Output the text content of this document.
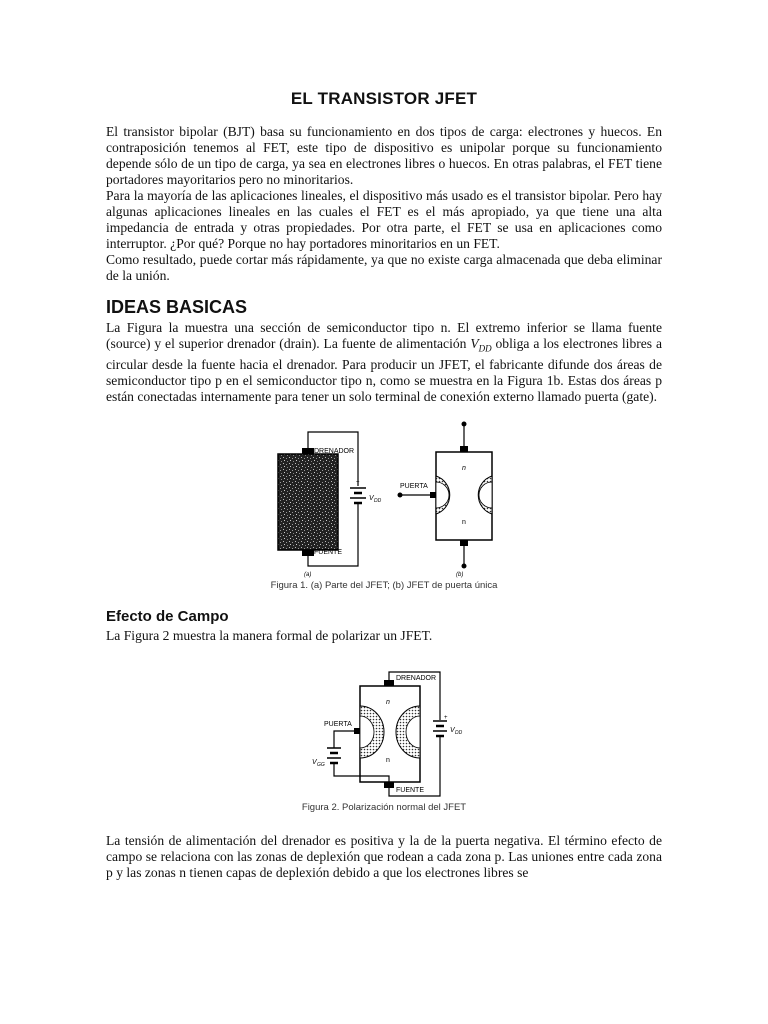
EL TRANSISTOR JFET
El transistor bipolar (BJT) basa su funcionamiento en dos tipos de carga: electrones y huecos. En contraposición tenemos al FET, este tipo de dispositivo es unipolar porque su funcionamiento depende sólo de un tipo de carga, ya sea en electrones libres o huecos. En otras palabras, el FET tiene portadores mayoritarios pero no minoritarios.
Para la mayoría de las aplicaciones lineales, el dispositivo más usado es el transistor bipolar. Pero hay algunas aplicaciones lineales en las cuales el FET es el más apropiado, ya que tiene una alta impedancia de entrada y otras propiedades. Por otra parte, el FET se usa en aplicaciones como interruptor. ¿Por qué? Porque no hay portadores minoritarios en un FET.
Como resultado, puede cortar más rápidamente, ya que no existe carga almacenada que deba eliminar de la unión.
IDEAS BASICAS
La Figura la muestra una sección de semiconductor tipo n. El extremo inferior se llama fuente (source) y el superior drenador (drain). La fuente de alimentación $V_{DD}$ obliga a los electrones libres a circular desde la fuente hacia el drenador. Para producir un JFET, el fabricante difunde dos áreas de semiconductor tipo p en el semiconductor tipo n, como se muestra en la Figura 1b. Estas dos áreas p están conectadas internamente para tener un solo terminal de conexión externo llamado puerta (gate).
+
V DD
DRENADOR
FUENTE
(a)
PUERTA
n
n
(b)
Figura 1. (a) Parte del JFET; (b) JFET de puerta única
Efecto de Campo
La Figura 2 muestra la manera formal de polarizar un JFET.
+
V DD
PUERTA
V GG
DRENADOR
FUENTE
n
n
Figura 2. Polarización normal del JFET
La tensión de alimentación del drenador es positiva y la de la puerta negativa. El término efecto de campo se relaciona con las zonas de deplexión que rodean a cada zona p. Las uniones entre cada zona p y las zonas n tienen capas de deplexión debido a que los electrones libres se
